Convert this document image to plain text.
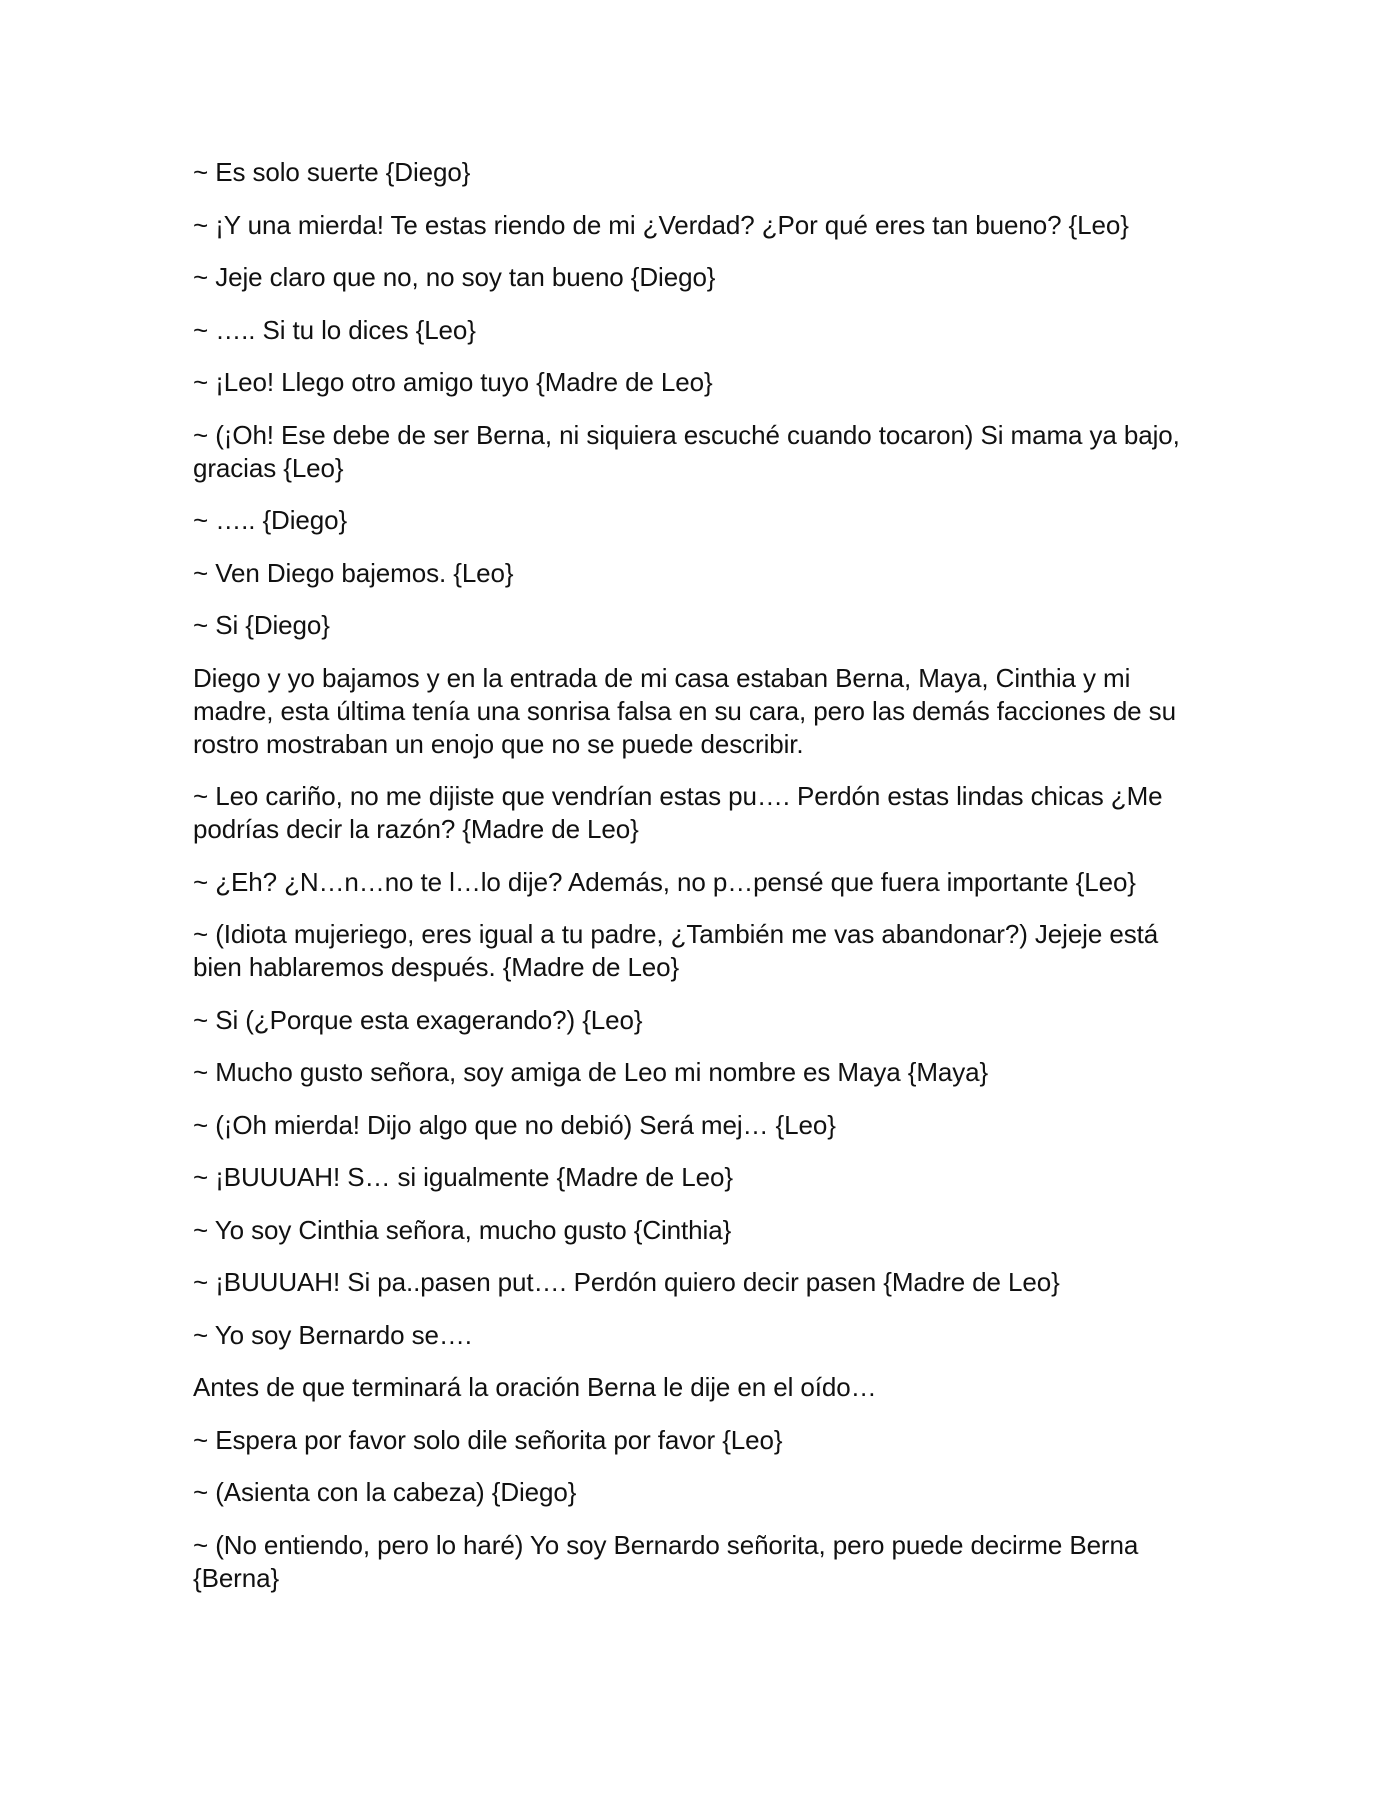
~ Es solo suerte {Diego}

~ ¡Y una mierda! Te estas riendo de mi ¿Verdad? ¿Por qué eres tan bueno? {Leo}

~ Jeje claro que no, no soy tan bueno {Diego}

~ ….. Si tu lo dices {Leo}

~ ¡Leo! Llego otro amigo tuyo {Madre de Leo}

~ (¡Oh! Ese debe de ser Berna, ni siquiera escuché cuando tocaron) Si mama ya bajo, gracias {Leo}

~ ….. {Diego}

~ Ven Diego bajemos. {Leo}

~ Si {Diego}

Diego y yo bajamos y en la entrada de mi casa estaban Berna, Maya, Cinthia y mi madre, esta última tenía una sonrisa falsa en su cara, pero las demás facciones de su rostro mostraban un enojo que no se puede describir.

~ Leo cariño, no me dijiste que vendrían estas pu…. Perdón estas lindas chicas ¿Me podrías decir la razón? {Madre de Leo}

~ ¿Eh? ¿N…n…no te l…lo dije? Además, no p…pensé que fuera importante {Leo}

~ (Idiota mujeriego, eres igual a tu padre, ¿También me vas abandonar?) Jejeje está bien hablaremos después. {Madre de Leo}

~ Si (¿Porque esta exagerando?) {Leo}

~ Mucho gusto señora, soy amiga de Leo mi nombre es Maya {Maya}

~ (¡Oh mierda! Dijo algo que no debió) Será mej… {Leo}

~ ¡BUUUAH! S… si igualmente {Madre de Leo}

~ Yo soy Cinthia señora, mucho gusto {Cinthia}

~ ¡BUUUAH! Si pa..pasen put…. Perdón quiero decir pasen {Madre de Leo}

~ Yo soy Bernardo se….

Antes de que terminará la oración Berna le dije en el oído…

~ Espera por favor solo dile señorita por favor {Leo}

~ (Asienta con la cabeza) {Diego}

~ (No entiendo, pero lo haré) Yo soy Bernardo señorita, pero puede decirme Berna {Berna}
